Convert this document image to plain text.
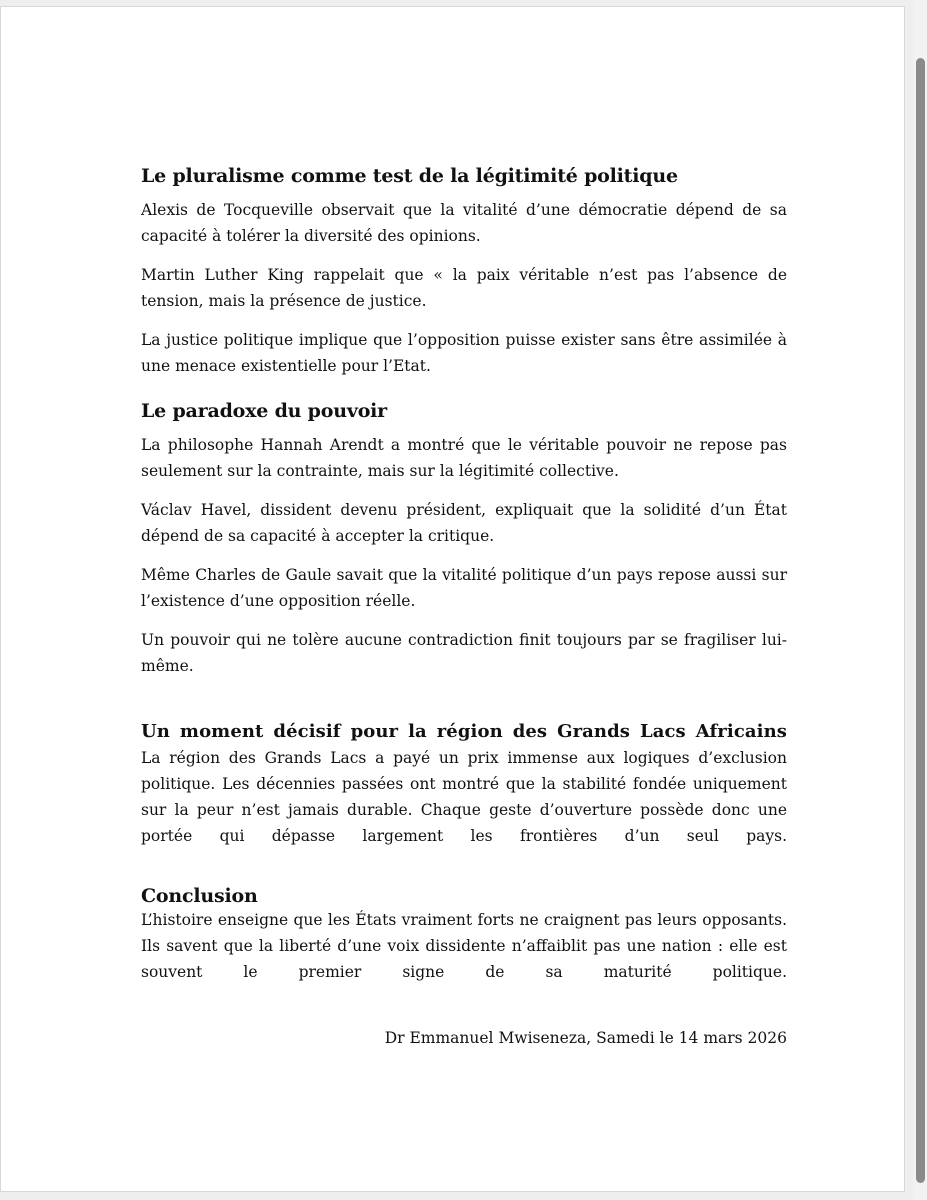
Le pluralisme comme test de la légitimité politique

Alexis de Tocqueville observait que la vitalité d’une démocratie dépend de sa capacité à tolérer la diversité des opinions.

Martin Luther King rappelait que « la paix véritable n’est pas l’absence de tension, mais la présence de justice.

La justice politique implique que l’opposition puisse exister sans être assimilée à une menace existentielle pour l’Etat.

Le paradoxe du pouvoir

La philosophe Hannah Arendt a montré que le véritable pouvoir ne repose pas seulement sur la contrainte, mais sur la légitimité collective.

Václav Havel, dissident devenu président, expliquait que la solidité d’un État dépend de sa capacité à accepter la critique.

Même Charles de Gaule savait que la vitalité politique d’un pays repose aussi sur l’existence d’une opposition réelle.

Un pouvoir qui ne tolère aucune contradiction finit toujours par se fragiliser lui-même.

Un moment décisif pour la région des Grands Lacs Africains

La région des Grands Lacs a payé un prix immense aux logiques d’exclusion politique. Les décennies passées ont montré que la stabilité fondée uniquement sur la peur n’est jamais durable. Chaque geste d’ouverture possède donc une portée qui dépasse largement les frontières d’un seul pays.

Conclusion

L’histoire enseigne que les États vraiment forts ne craignent pas leurs opposants. Ils savent que la liberté d’une voix dissidente n’affaiblit pas une nation : elle est souvent le premier signe de sa maturité politique.

Dr Emmanuel Mwiseneza, Samedi le 14 mars 2026
